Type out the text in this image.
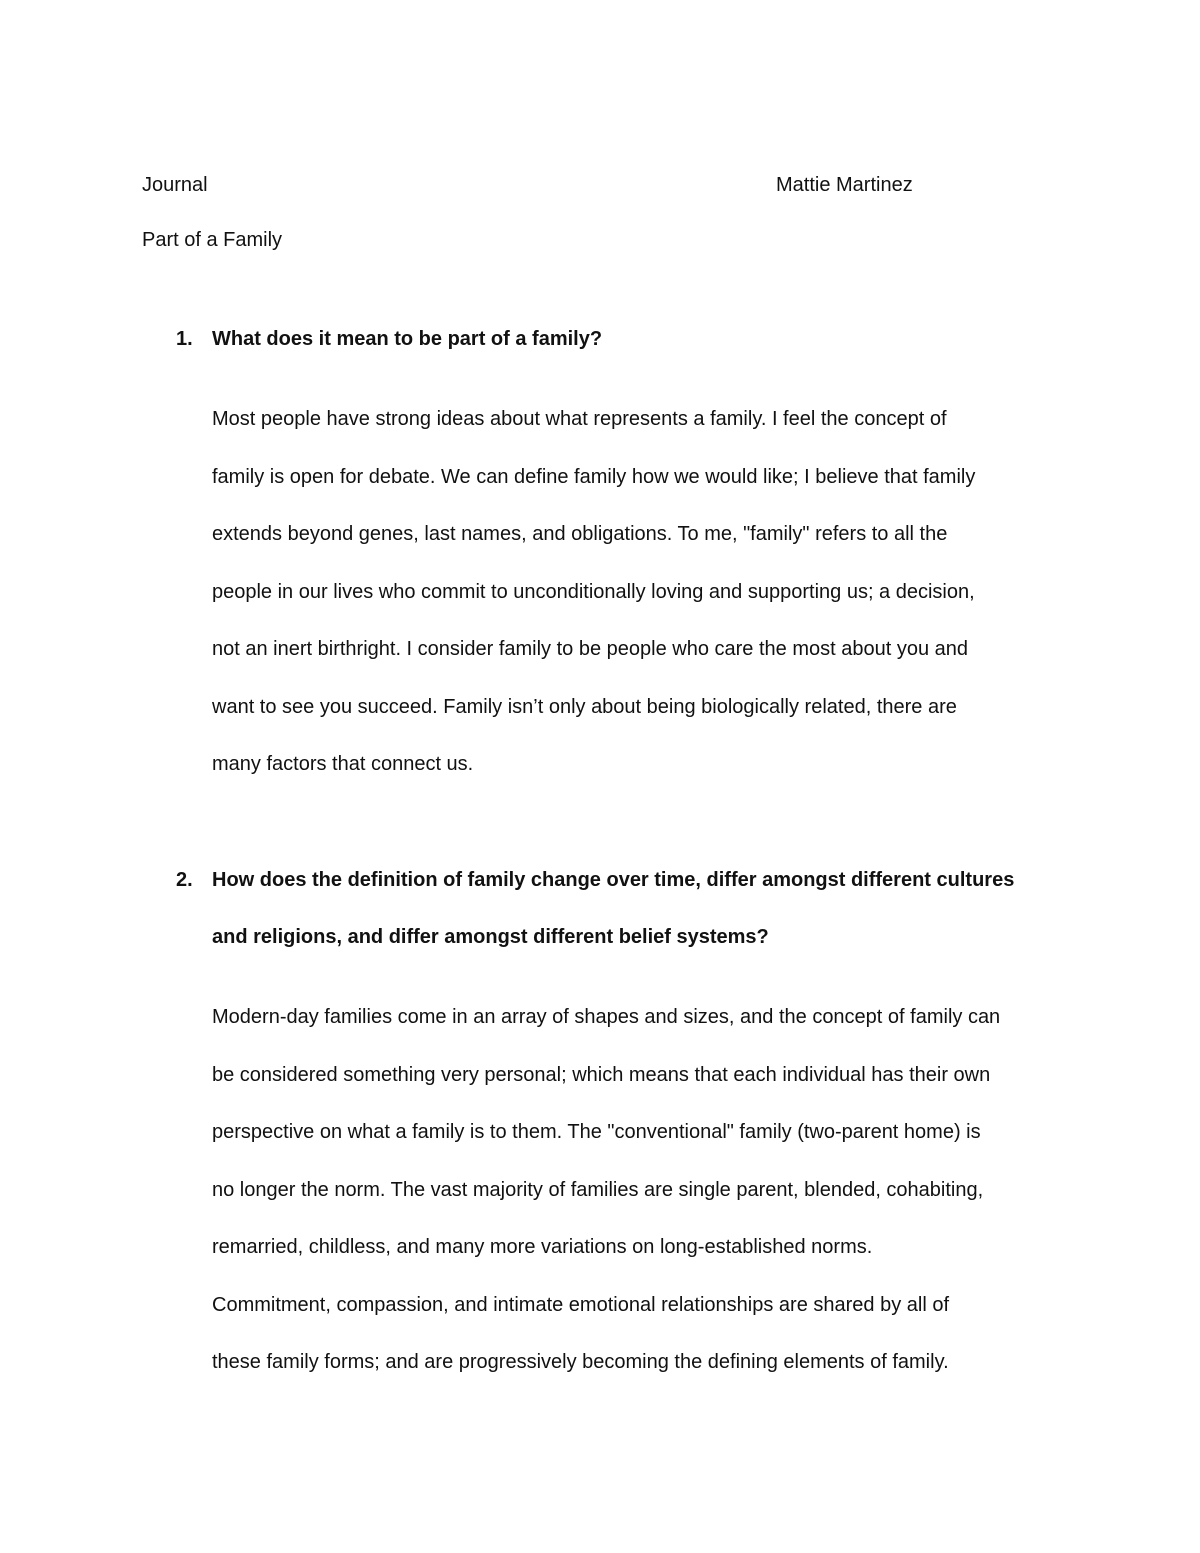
Journal	Mattie Martinez
Part of a Family
1. What does it mean to be part of a family?
Most people have strong ideas about what represents a family. I feel the concept of
family is open for debate. We can define family how we would like; I believe that family
extends beyond genes, last names, and obligations. To me, "family" refers to all the
people in our lives who commit to unconditionally loving and supporting us; a decision,
not an inert birthright. I consider family to be people who care the most about you and
want to see you succeed. Family isn’t only about being biologically related, there are
many factors that connect us.
2. How does the definition of family change over time, differ amongst different cultures
and religions, and differ amongst different belief systems?
Modern-day families come in an array of shapes and sizes, and the concept of family can
be considered something very personal; which means that each individual has their own
perspective on what a family is to them. The "conventional" family (two-parent home) is
no longer the norm. The vast majority of families are single parent, blended, cohabiting,
remarried, childless, and many more variations on long-established norms.
Commitment, compassion, and intimate emotional relationships are shared by all of
these family forms; and are progressively becoming the defining elements of family.
